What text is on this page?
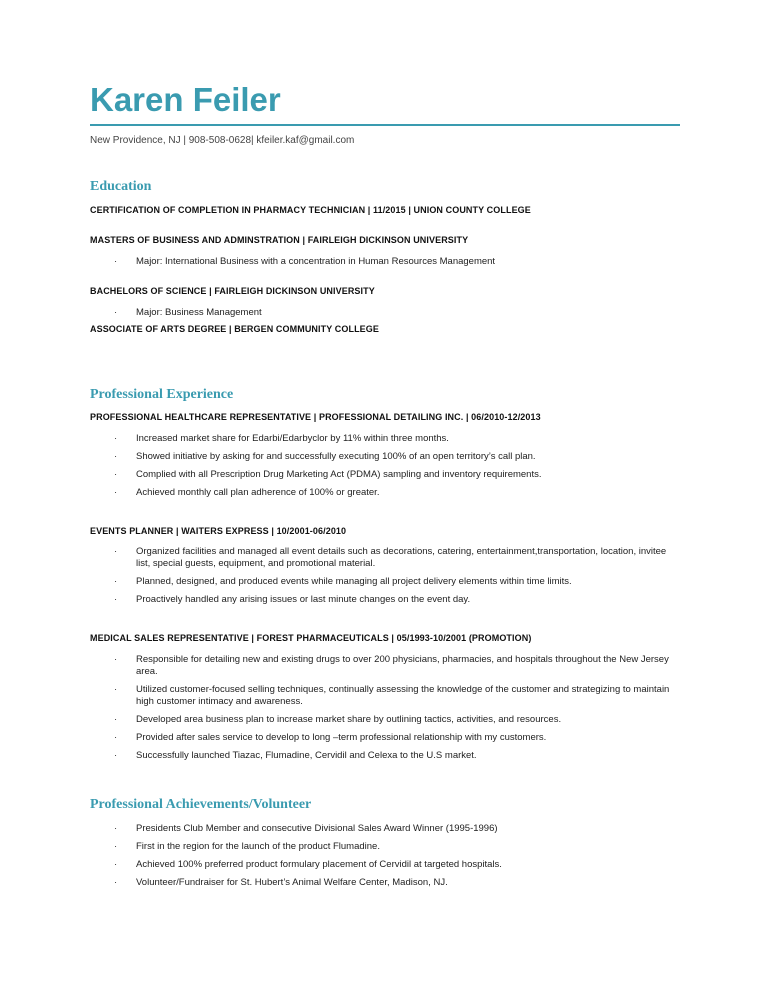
Karen Feiler
New Providence, NJ | 908-508-0628| kfeiler.kaf@gmail.com
Education
CERTIFICATION OF COMPLETION IN PHARMACY TECHNICIAN | 11/2015 | UNION COUNTY COLLEGE
MASTERS OF BUSINESS AND ADMINSTRATION | FAIRLEIGH DICKINSON UNIVERSITY
· Major: International Business with a concentration in Human Resources Management
BACHELORS OF SCIENCE | FAIRLEIGH DICKINSON UNIVERSITY
· Major: Business Management
ASSOCIATE OF ARTS DEGREE | BERGEN COMMUNITY COLLEGE
Professional Experience
PROFESSIONAL HEALTHCARE REPRESENTATIVE | PROFESSIONAL DETAILING INC. | 06/2010-12/2013
· Increased market share for Edarbi/Edarbyclor by 11% within three months.
· Showed initiative by asking for and successfully executing 100% of an open territory’s call plan.
· Complied with all Prescription Drug Marketing Act (PDMA) sampling and inventory requirements.
· Achieved monthly call plan adherence of 100% or greater.
EVENTS PLANNER | WAITERS EXPRESS | 10/2001-06/2010
· Organized facilities and managed all event details such as decorations, catering, entertainment,transportation, location, invitee list, special guests, equipment, and promotional material.
· Planned, designed, and produced events while managing all project delivery elements within time limits.
· Proactively handled any arising issues or last minute changes on the event day.
MEDICAL SALES REPRESENTATIVE | FOREST PHARMACEUTICALS | 05/1993-10/2001 (PROMOTION)
· Responsible for detailing new and existing drugs to over 200 physicians, pharmacies, and hospitals throughout the New Jersey area.
· Utilized customer-focused selling techniques, continually assessing the knowledge of the customer and strategizing to maintain high customer intimacy and awareness.
· Developed area business plan to increase market share by outlining tactics, activities, and resources.
· Provided after sales service to develop to long –term professional relationship with my customers.
· Successfully launched Tiazac, Flumadine, Cervidil and Celexa to the U.S market.
Professional Achievements/Volunteer
· Presidents Club Member and consecutive Divisional Sales Award Winner (1995-1996)
· First in the region for the launch of the product Flumadine.
· Achieved 100% preferred product formulary placement of Cervidil at targeted hospitals.
· Volunteer/Fundraiser for St. Hubert’s Animal Welfare Center, Madison, NJ.
